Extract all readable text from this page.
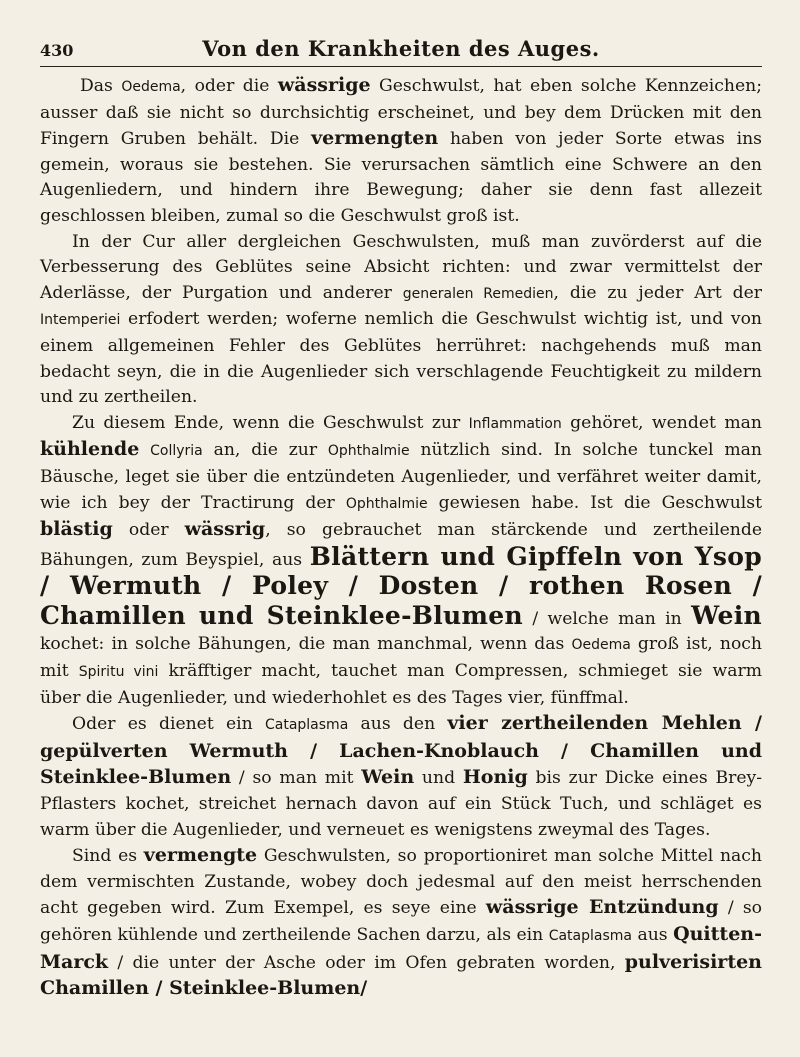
430	Von den Krankheiten des Auges.

Das Oedema, oder die wässrige Geschwulst, hat eben solche Kennzeichen; ausser daß sie nicht so durchsichtig erscheinet, und bey dem Drücken mit den Fingern Gruben behält. Die vermengten haben von jeder Sorte etwas ins gemein, woraus sie bestehen. Sie verursachen sämtlich eine Schwere an den Augenliedern, und hindern ihre Bewegung; daher sie denn fast allezeit geschlossen bleiben, zumal so die Geschwulst groß ist.

In der Cur aller dergleichen Geschwulsten, muß man zuvörderst auf die Verbesserung des Geblütes seine Absicht richten: und zwar vermittelst der Aderlässe, der Purgation und anderer generalen Remedien, die zu jeder Art der Intemperiei erfodert werden; woferne nemlich die Geschwulst wichtig ist, und von einem allgemeinen Fehler des Geblütes herrühret: nachgehends muß man bedacht seyn, die in die Augenlieder sich verschlagende Feuchtigkeit zu mildern und zu zertheilen.

Zu diesem Ende, wenn die Geschwulst zur Inflammation gehöret, wendet man kühlende Collyria an, die zur Ophthalmie nützlich sind. In solche tunckel man Bäusche, leget sie über die entzündeten Augenlieder, und verfähret weiter damit, wie ich bey der Tractirung der Ophthalmie gewiesen habe. Ist die Geschwulst blästig oder wässrig, so gebrauchet man stärckende und zertheilende Bähungen, zum Beyspiel, aus Blättern und Gipffeln von Ysop / Wermuth / Poley / Dosten / rothen Rosen / Chamillen und Steinklee-Blumen / welche man in Wein kochet: in solche Bähungen, die man manchmal, wenn das Oedema groß ist, noch mit Spiritu vini kräfftiger macht, tauchet man Compressen, schmieget sie warm über die Augenlieder, und wiederhohlet es des Tages vier, fünffmal.

Oder es dienet ein Cataplasma aus den vier zertheilenden Mehlen / gepülverten Wermuth / Lachen-Knoblauch / Chamillen und Steinklee-Blumen / so man mit Wein und Honig bis zur Dicke eines Brey-Pflasters kochet, streichet hernach davon auf ein Stück Tuch, und schläget es warm über die Augenlieder, und verneuet es wenigstens zweymal des Tages.

Sind es vermengte Geschwulsten, so proportioniret man solche Mittel nach dem vermischten Zustande, wobey doch jedesmal auf den meist herrschenden acht gegeben wird. Zum Exempel, es seye eine wässrige Entzündung / so gehören kühlende und zertheilende Sachen darzu, als ein Cataplasma aus Quitten-Marck / die unter der Asche oder im Ofen gebraten worden, pulverisirten Chamillen / Steinklee-Blumen/
